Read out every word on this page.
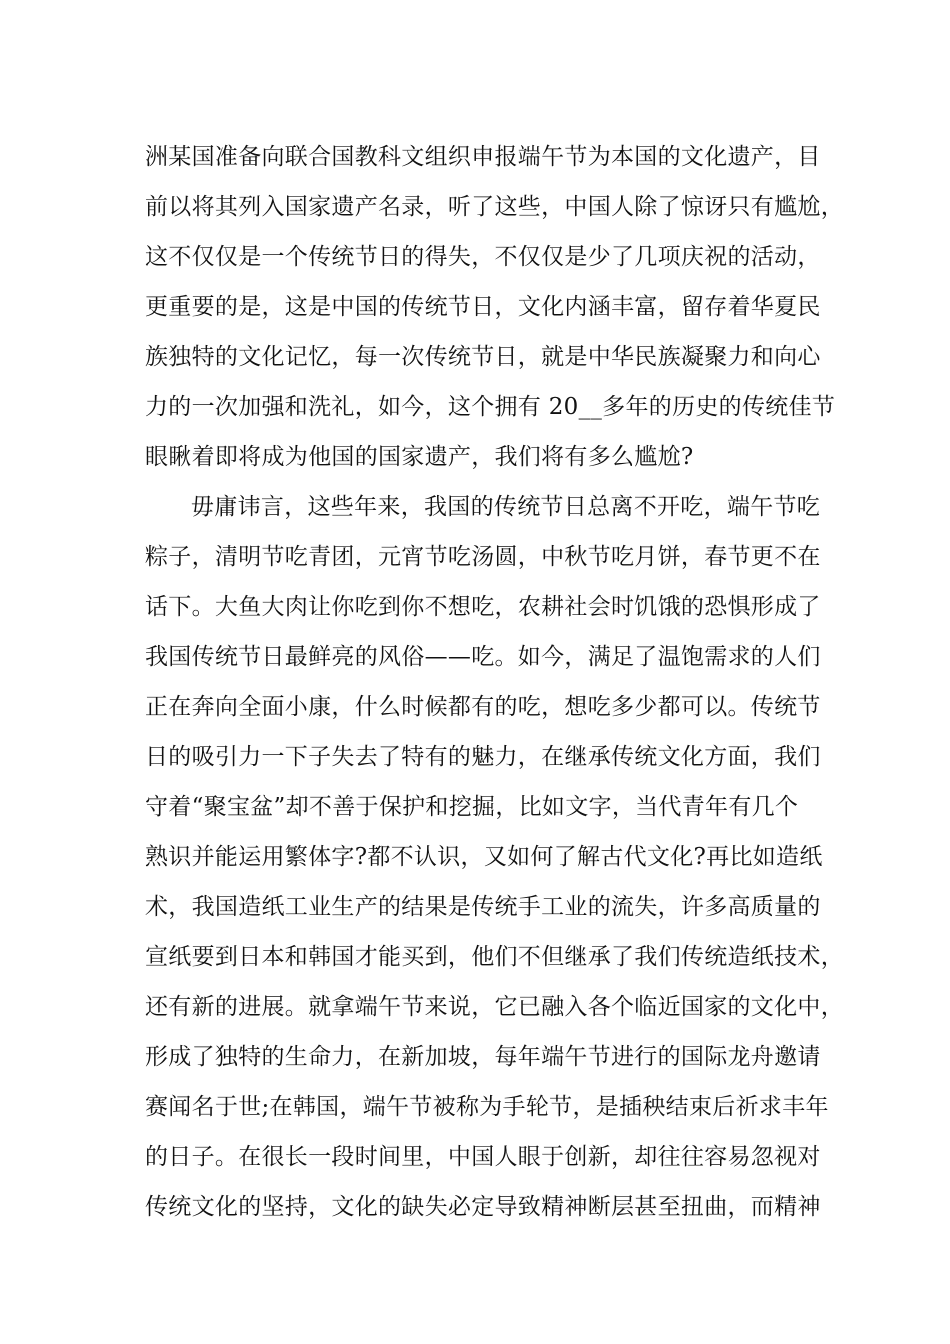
洲某国准备向联合国教科文组织申报端午节为本国的文化遗产，目
前以将其列入国家遗产名录，听了这些，中国人除了惊讶只有尴尬，
这不仅仅是一个传统节日的得失，不仅仅是少了几项庆祝的活动，
更重要的是，这是中国的传统节日，文化内涵丰富，留存着华夏民
族独特的文化记忆，每一次传统节日，就是中华民族凝聚力和向心
力的一次加强和洗礼，如今，这个拥有 20__多年的历史的传统佳节
眼瞅着即将成为他国的国家遗产，我们将有多么尴尬?
毋庸讳言，这些年来，我国的传统节日总离不开吃，端午节吃
粽子，清明节吃青团，元宵节吃汤圆，中秋节吃月饼，春节更不在
话下。大鱼大肉让你吃到你不想吃，农耕社会时饥饿的恐惧形成了
我国传统节日最鲜亮的风俗——吃。如今，满足了温饱需求的人们
正在奔向全面小康，什么时候都有的吃，想吃多少都可以。传统节
日的吸引力一下子失去了特有的魅力，在继承传统文化方面，我们
守着“聚宝盆”却不善于保护和挖掘，比如文字，当代青年有几个
熟识并能运用繁体字?都不认识，又如何了解古代文化?再比如造纸
术，我国造纸工业生产的结果是传统手工业的流失，许多高质量的
宣纸要到日本和韩国才能买到，他们不但继承了我们传统造纸技术，
还有新的进展。就拿端午节来说，它已融入各个临近国家的文化中，
形成了独特的生命力，在新加坡，每年端午节进行的国际龙舟邀请
赛闻名于世;在韩国，端午节被称为手轮节，是插秧结束后祈求丰年
的日子。在很长一段时间里，中国人眼于创新，却往往容易忽视对
传统文化的坚持，文化的缺失必定导致精神断层甚至扭曲，而精神
